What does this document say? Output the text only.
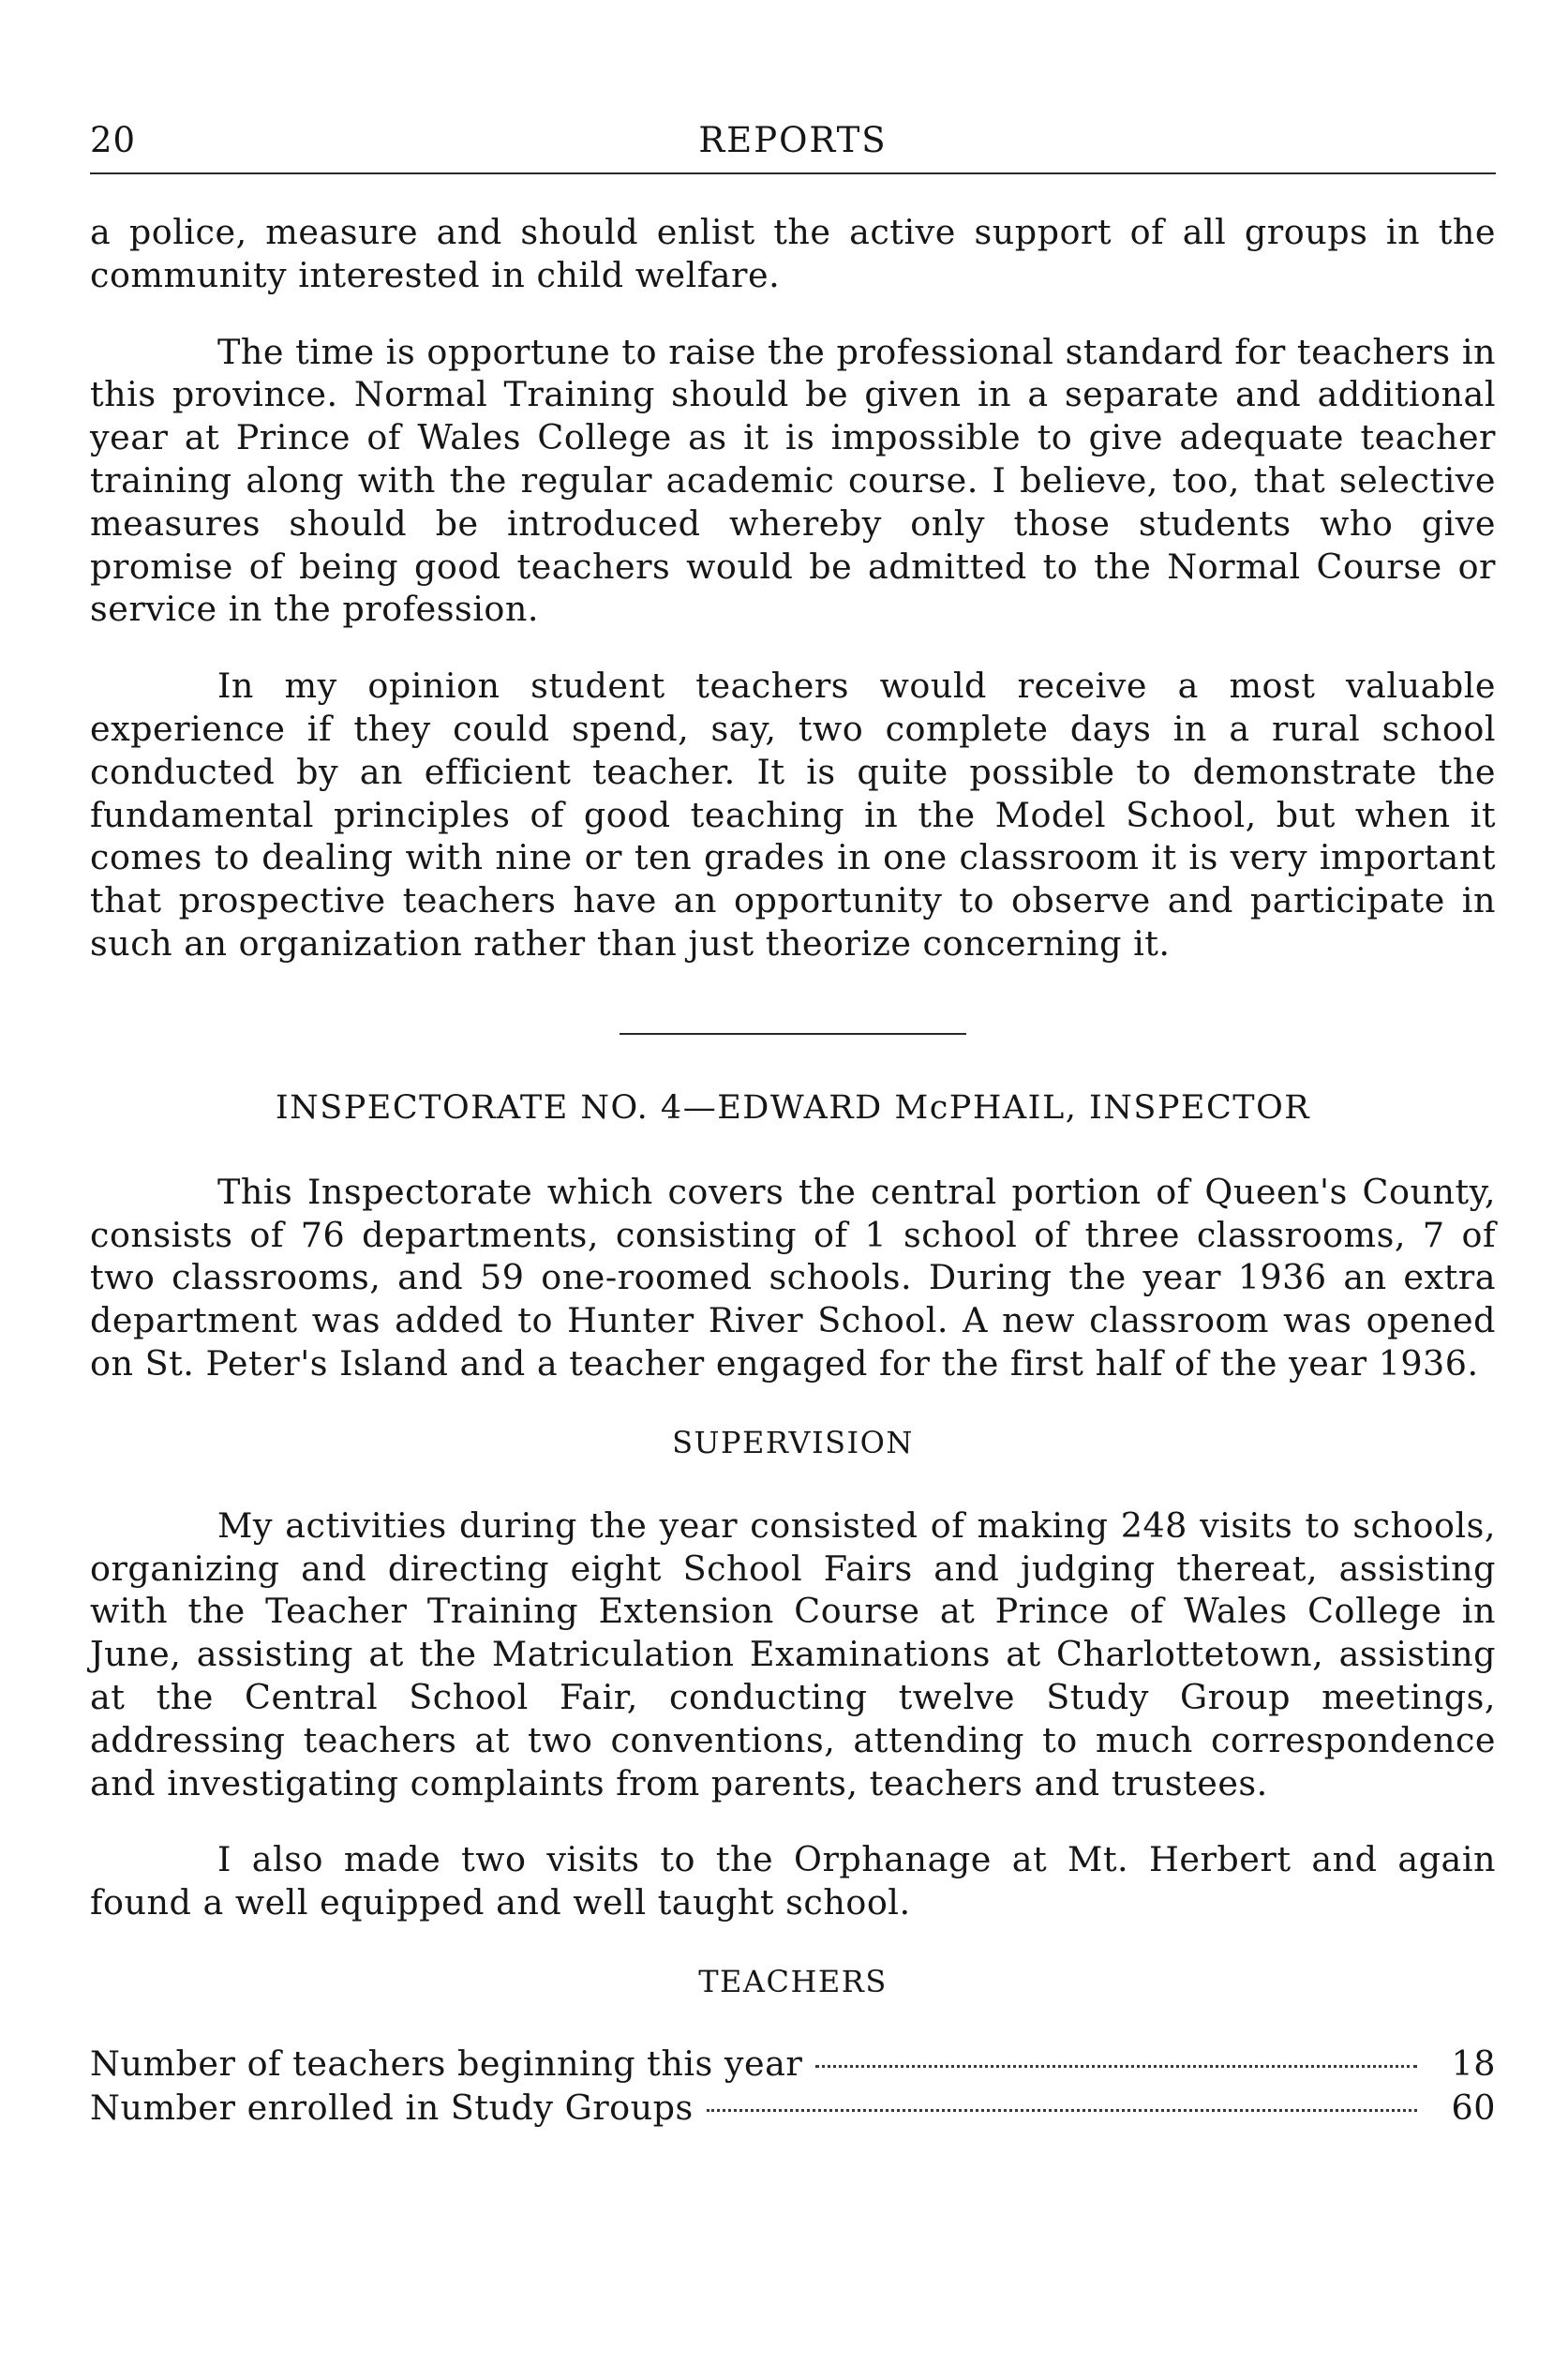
20	REPORTS

a police, measure and should enlist the active support of all groups in the community interested in child welfare.

The time is opportune to raise the professional standard for teachers in this province. Normal Training should be given in a separate and additional year at Prince of Wales College as it is impossible to give adequate teacher training along with the regular academic course. I believe, too, that selective measures should be introduced whereby only those students who give promise of being good teachers would be admitted to the Normal Course or service in the profession.

In my opinion student teachers would receive a most valuable experience if they could spend, say, two complete days in a rural school conducted by an efficient teacher. It is quite possible to demonstrate the fundamental principles of good teaching in the Model School, but when it comes to dealing with nine or ten grades in one classroom it is very important that prospective teachers have an opportunity to observe and participate in such an organization rather than just theorize concerning it.

INSPECTORATE NO. 4—EDWARD McPHAIL, INSPECTOR

This Inspectorate which covers the central portion of Queen's County, consists of 76 departments, consisting of 1 school of three classrooms, 7 of two classrooms, and 59 one-roomed schools. During the year 1936 an extra department was added to Hunter River School. A new classroom was opened on St. Peter's Island and a teacher engaged for the first half of the year 1936.

SUPERVISION

My activities during the year consisted of making 248 visits to schools, organizing and directing eight School Fairs and judging thereat, assisting with the Teacher Training Extension Course at Prince of Wales College in June, assisting at the Matriculation Examinations at Charlottetown, assisting at the Central School Fair, conducting twelve Study Group meetings, addressing teachers at two conventions, attending to much correspondence and investigating complaints from parents, teachers and trustees.

I also made two visits to the Orphanage at Mt. Herbert and again found a well equipped and well taught school.

TEACHERS
Number of teachers beginning this year	18
Number enrolled in Study Groups	60
